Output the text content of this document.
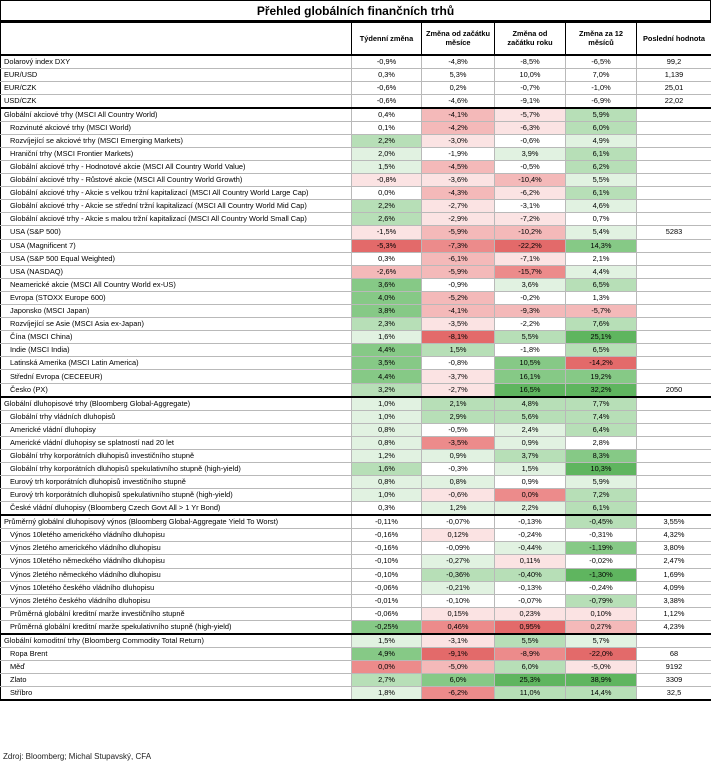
Přehled globálních finančních trhů
	Týdenní změna	Změna od začátku měsíce	Změna od začátku roku	Změna za 12 měsíců	Poslední hodnota
Dolarový index DXY	-0,9%	-4,8%	-8,5%	-6,5%	99,2
EUR/USD	0,3%	5,3%	10,0%	7,0%	1,139
EUR/CZK	-0,6%	0,2%	-0,7%	-1,0%	25,01
USD/CZK	-0,6%	-4,6%	-9,1%	-6,9%	22,02
Globální akciové trhy (MSCI All Country World)	0,4%	-4,1%	-5,7%	5,9%	
Rozvinuté akciové trhy (MSCI World)	0,1%	-4,2%	-6,3%	6,0%	
Rozvíjející se akciové trhy (MSCI Emerging Markets)	2,2%	-3,0%	-0,6%	4,9%	
Hraniční trhy (MSCI Frontier Markets)	2,0%	-1,9%	3,9%	6,1%	
Globální akciové trhy - Hodnotové akcie (MSCI All Country World Value)	1,5%	-4,5%	-0,5%	6,2%	
Globální akciové trhy - Růstové akcie (MSCI All Country World Growth)	-0,8%	-3,6%	-10,4%	5,5%	
Globální akciové trhy - Akcie s velkou tržní kapitalizací (MSCI All Country World Large Cap)	0,0%	-4,3%	-6,2%	6,1%	
Globální akciové trhy - Akcie se střední tržní kapitalizací (MSCI All Country World Mid Cap)	2,2%	-2,7%	-3,1%	4,6%	
Globální akciové trhy - Akcie s malou tržní kapitalizací (MSCI All Country World Small Cap)	2,6%	-2,9%	-7,2%	0,7%	
USA (S&P 500)	-1,5%	-5,9%	-10,2%	5,4%	5283
USA (Magnificent 7)	-5,3%	-7,3%	-22,2%	14,3%	
USA (S&P 500 Equal Weighted)	0,3%	-6,1%	-7,1%	2,1%	
USA (NASDAQ)	-2,6%	-5,9%	-15,7%	4,4%	
Neamerické akcie (MSCI All Country World ex-US)	3,6%	-0,9%	3,6%	6,5%	
Evropa (STOXX Europe 600)	4,0%	-5,2%	-0,2%	1,3%	
Japonsko (MSCI Japan)	3,8%	-4,1%	-9,3%	-5,7%	
Rozvíjející se Asie (MSCI Asia ex-Japan)	2,3%	-3,5%	-2,2%	7,6%	
Čína (MSCI China)	1,6%	-8,1%	5,5%	25,1%	
Indie (MSCI India)	4,4%	1,5%	-1,8%	6,5%	
Latinská Amerika (MSCI Latin America)	3,5%	-0,8%	10,5%	-14,2%	
Střední Evropa (CECEEUR)	4,4%	-3,7%	16,1%	19,2%	
Česko (PX)	3,2%	-2,7%	16,5%	32,2%	2050
Globální dluhopisové trhy (Bloomberg Global-Aggregate)	1,0%	2,1%	4,8%	7,7%	
Globální trhy vládních dluhopisů	1,0%	2,9%	5,6%	7,4%	
Americké vládní dluhopisy	0,8%	-0,5%	2,4%	6,4%	
Americké vládní dluhopisy se splatností nad 20 let	0,8%	-3,5%	0,9%	2,8%	
Globální trhy korporátních dluhopisů investičního stupně	1,2%	0,9%	3,7%	8,3%	
Globální trhy korporátních dluhopisů spekulativního stupně (high-yield)	1,6%	-0,3%	1,5%	10,3%	
Eurový trh korporátních dluhopisů investičního stupně	0,8%	0,8%	0,9%	5,9%	
Eurový trh korporátních dluhopisů spekulativního stupně (high-yield)	1,0%	-0,6%	0,0%	7,2%	
České vládní dluhopisy (Bloomberg Czech Govt All > 1 Yr Bond)	0,3%	1,2%	2,2%	6,1%	
Průměrný globální dluhopisový výnos (Bloomberg Global-Aggregate Yield To Worst)	-0,11%	-0,07%	-0,13%	-0,45%	3,55%
Výnos 10letého amerického vládního dluhopisu	-0,16%	0,12%	-0,24%	-0,31%	4,32%
Výnos 2letého amerického vládního dluhopisu	-0,16%	-0,09%	-0,44%	-1,19%	3,80%
Výnos 10letého německého vládního dluhopisu	-0,10%	-0,27%	0,11%	-0,02%	2,47%
Výnos 2letého německého vládního dluhopisu	-0,10%	-0,36%	-0,40%	-1,30%	1,69%
Výnos 10letého českého vládního dluhopisu	-0,06%	-0,21%	-0,13%	-0,24%	4,09%
Výnos 2letého českého vládního dluhopisu	-0,01%	-0,10%	-0,07%	-0,79%	3,38%
Průměrná globální kreditní marže investičního stupně	-0,06%	0,15%	0,23%	0,10%	1,12%
Průměrná globální kreditní marže spekulativního stupně (high-yield)	-0,25%	0,46%	0,95%	0,27%	4,23%
Globální komoditní trhy (Bloomberg Commodity Total Return)	1,5%	-3,1%	5,5%	5,7%	
Ropa Brent	4,9%	-9,1%	-8,9%	-22,0%	68
Měď	0,0%	-5,0%	6,0%	-5,0%	9192
Zlato	2,7%	6,0%	25,3%	38,9%	3309
Stříbro	1,8%	-6,2%	11,0%	14,4%	32,5
Zdroj: Bloomberg; Michal Stupavský, CFA
